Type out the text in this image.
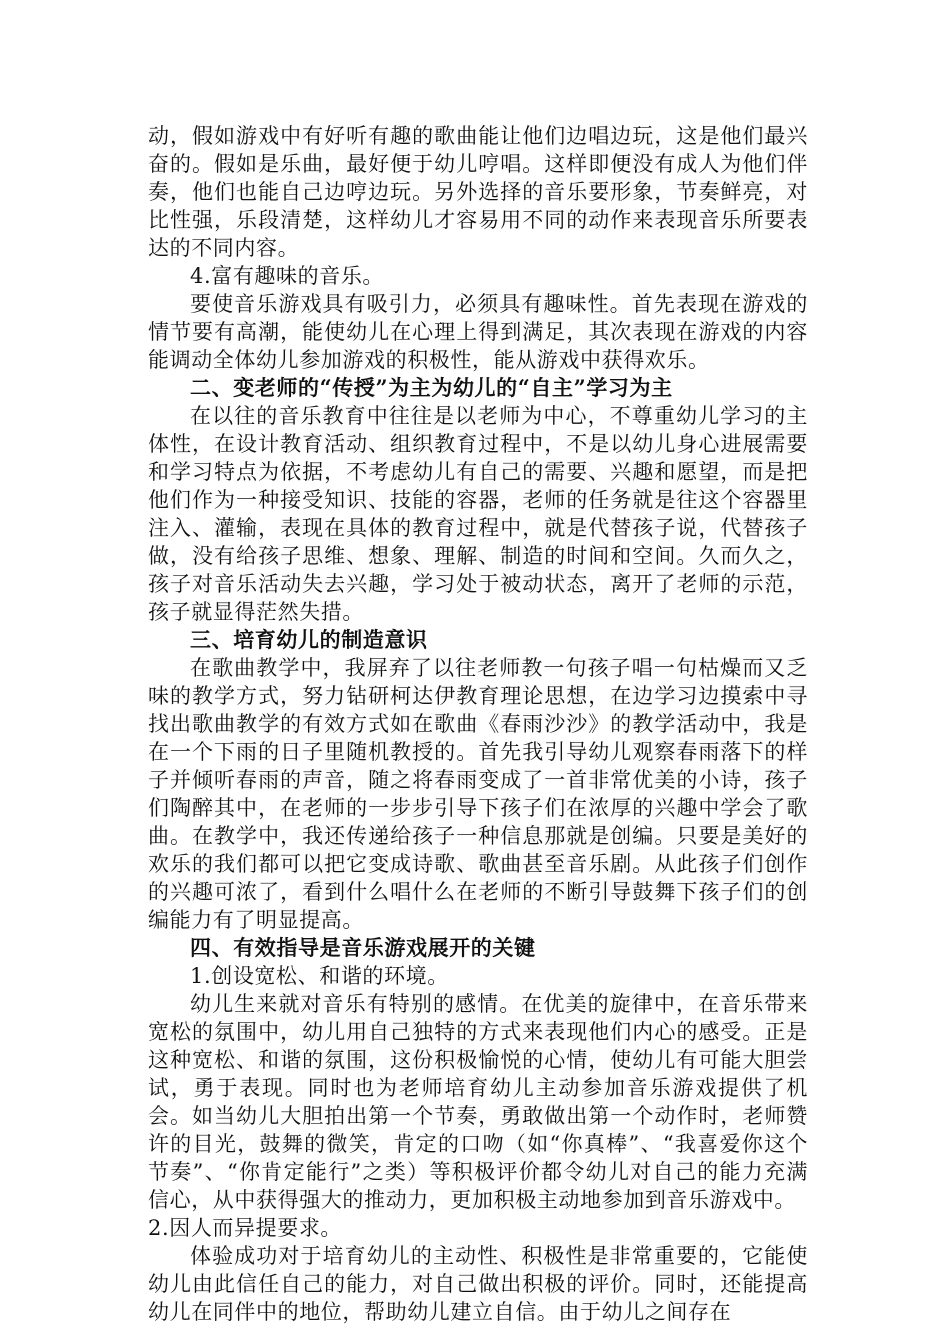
动，假如游戏中有好听有趣的歌曲能让他们边唱边玩，这是他们最兴奋的。假如是乐曲，最好便于幼儿哼唱。这样即便没有成人为他们伴奏，他们也能自己边哼边玩。另外选择的音乐要形象，节奏鲜亮，对比性强，乐段清楚，这样幼儿才容易用不同的动作来表现音乐所要表达的不同内容。

4.富有趣味的音乐。

要使音乐游戏具有吸引力，必须具有趣味性。首先表现在游戏的情节要有高潮，能使幼儿在心理上得到满足，其次表现在游戏的内容能调动全体幼儿参加游戏的积极性，能从游戏中获得欢乐。

二、变老师的“传授”为主为幼儿的“自主”学习为主

在以往的音乐教育中往往是以老师为中心，不尊重幼儿学习的主体性，在设计教育活动、组织教育过程中，不是以幼儿身心进展需要和学习特点为依据，不考虑幼儿有自己的需要、兴趣和愿望，而是把他们作为一种接受知识、技能的容器，老师的任务就是往这个容器里注入、灌输，表现在具体的教育过程中，就是代替孩子说，代替孩子做，没有给孩子思维、想象、理解、制造的时间和空间。久而久之，孩子对音乐活动失去兴趣，学习处于被动状态，离开了老师的示范，孩子就显得茫然失措。

三、培育幼儿的制造意识

在歌曲教学中，我屏弃了以往老师教一句孩子唱一句枯燥而又乏味的教学方式，努力钻研柯达伊教育理论思想，在边学习边摸索中寻找出歌曲教学的有效方式如在歌曲《春雨沙沙》的教学活动中，我是在一个下雨的日子里随机教授的。首先我引导幼儿观察春雨落下的样子并倾听春雨的声音，随之将春雨变成了一首非常优美的小诗，孩子们陶醉其中，在老师的一步步引导下孩子们在浓厚的兴趣中学会了歌曲。在教学中，我还传递给孩子一种信息那就是创编。只要是美好的欢乐的我们都可以把它变成诗歌、歌曲甚至音乐剧。从此孩子们创作的兴趣可浓了，看到什么唱什么在老师的不断引导鼓舞下孩子们的创编能力有了明显提高。

四、有效指导是音乐游戏展开的关键

1.创设宽松、和谐的环境。

幼儿生来就对音乐有特别的感情。在优美的旋律中，在音乐带来宽松的氛围中，幼儿用自己独特的方式来表现他们内心的感受。正是这种宽松、和谐的氛围，这份积极愉悦的心情，使幼儿有可能大胆尝试，勇于表现。同时也为老师培育幼儿主动参加音乐游戏提供了机会。如当幼儿大胆拍出第一个节奏，勇敢做出第一个动作时，老师赞许的目光，鼓舞的微笑，肯定的口吻（如“你真棒”、“我喜爱你这个节奏”、“你肯定能行”之类）等积极评价都令幼儿对自己的能力充满信心，从中获得强大的推动力，更加积极主动地参加到音乐游戏中。

2.因人而异提要求。

体验成功对于培育幼儿的主动性、积极性是非常重要的，它能使幼儿由此信任自己的能力，对自己做出积极的评价。同时，还能提高幼儿在同伴中的地位，帮助幼儿建立自信。由于幼儿之间存在
